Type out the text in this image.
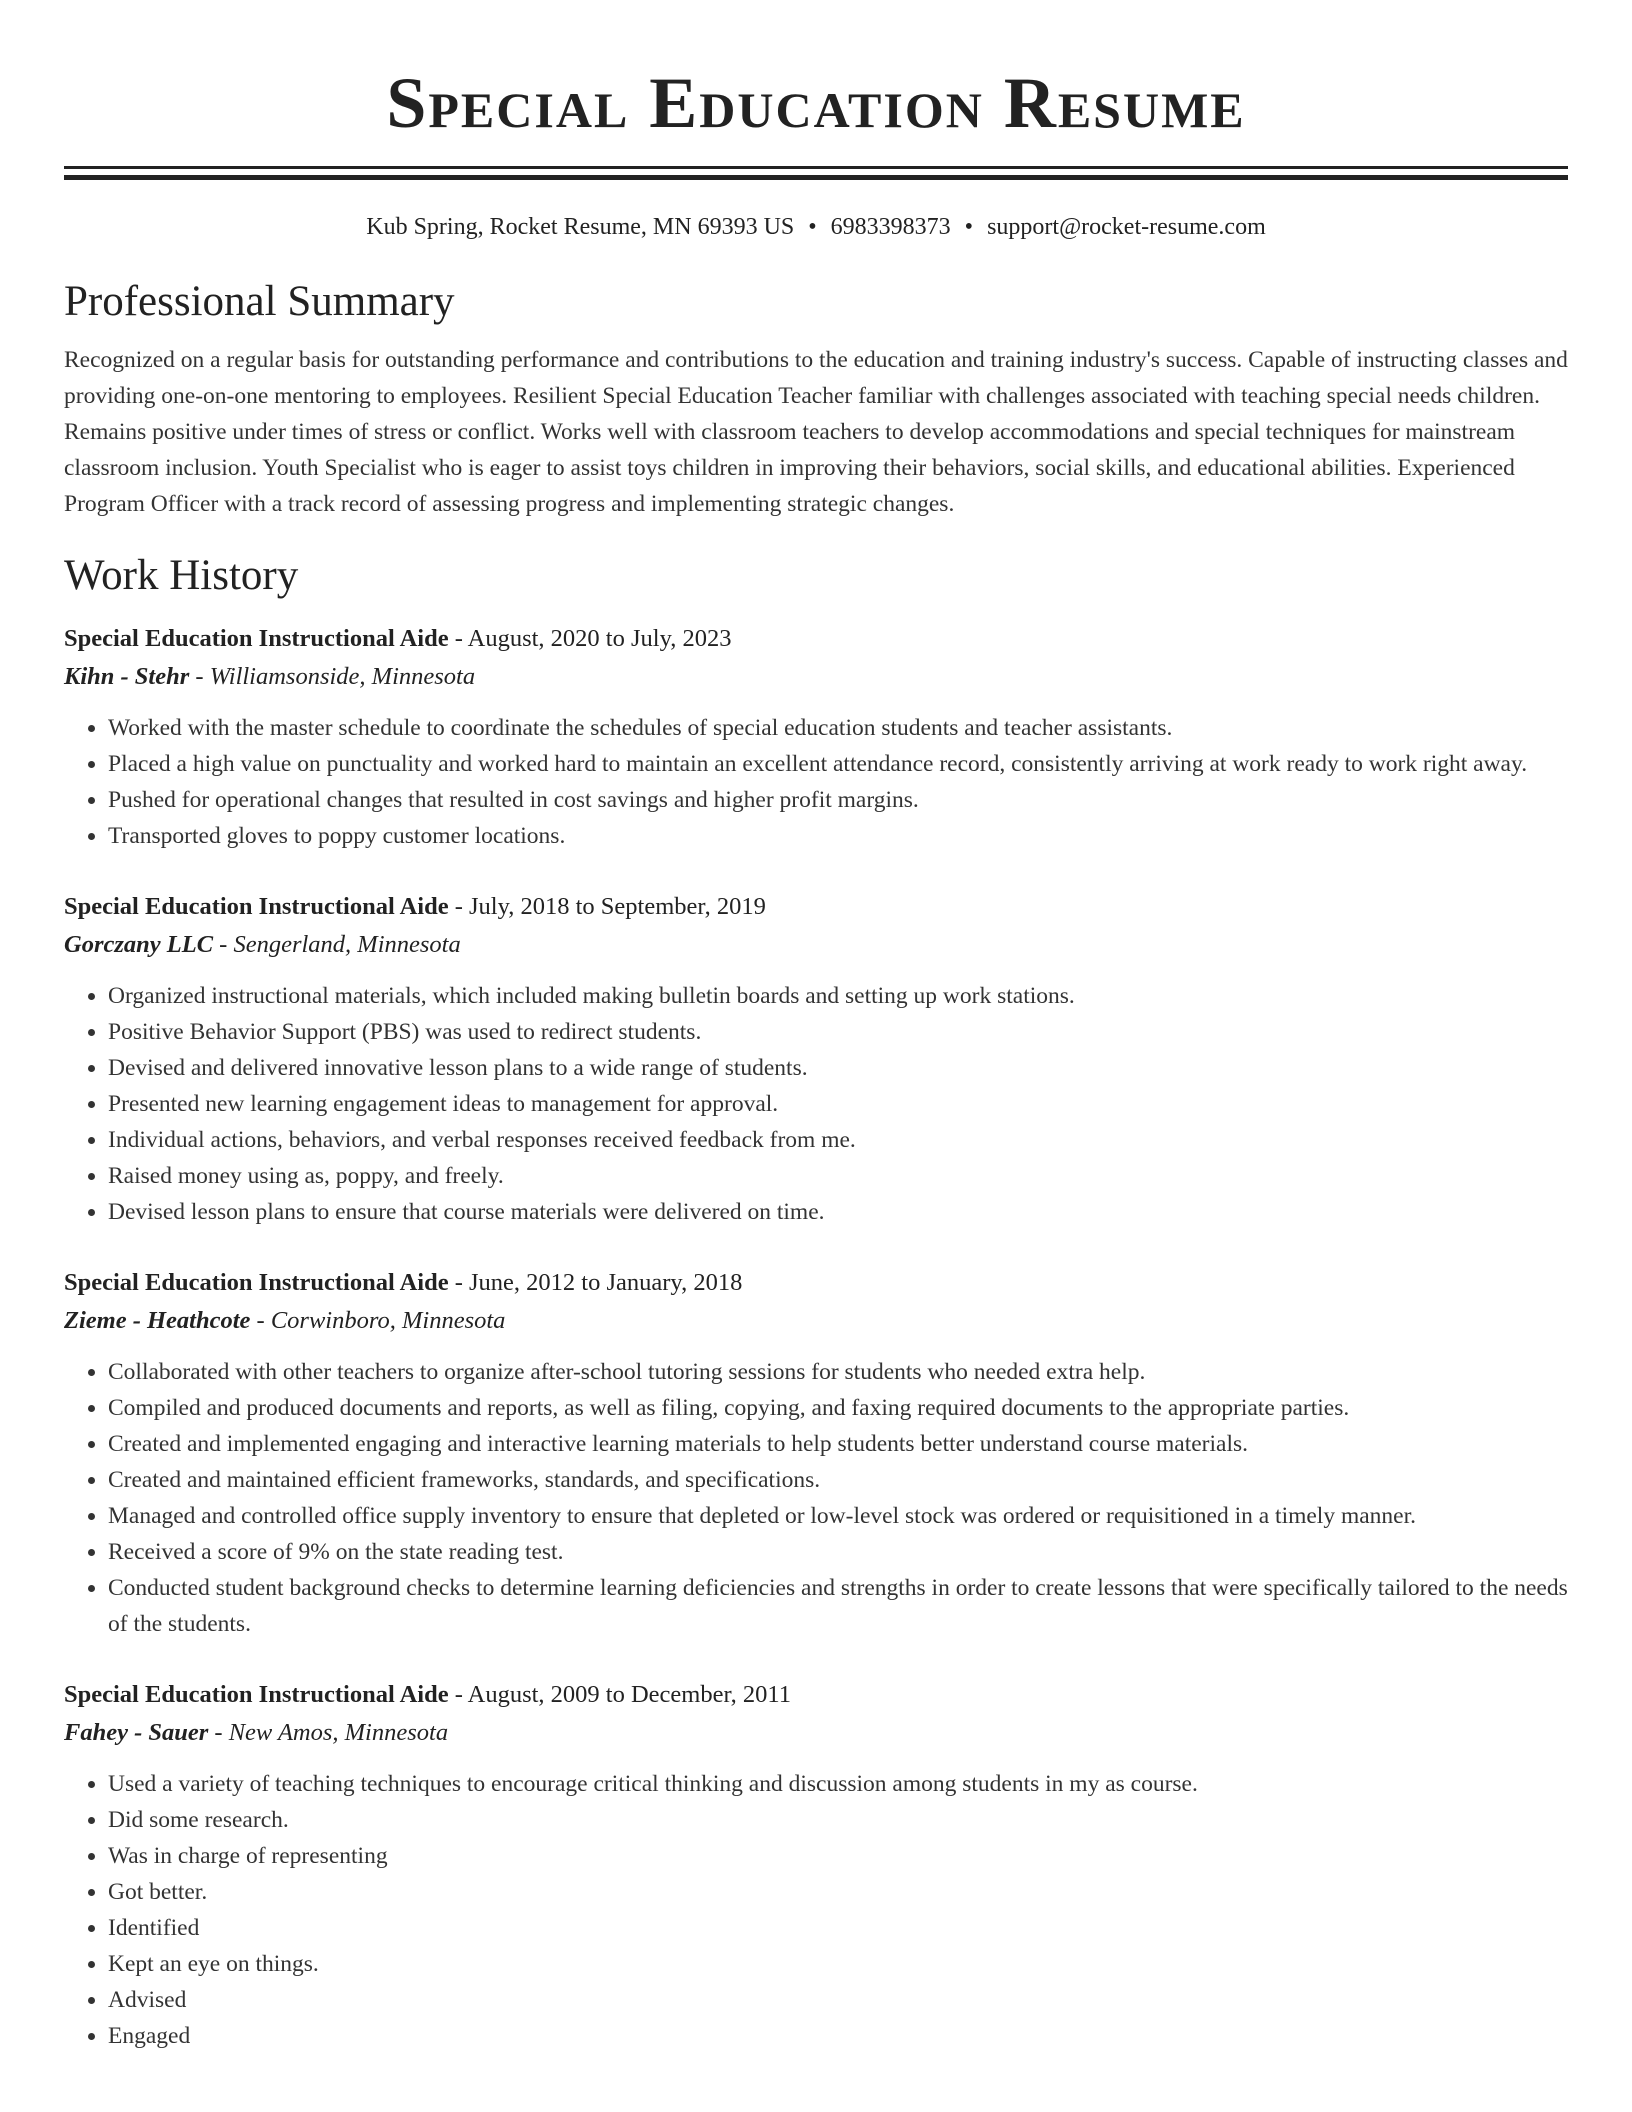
Special Education Resume
Kub Spring, Rocket Resume, MN 69393 US • 6983398373 • support@rocket-resume.com
Professional Summary

Recognized on a regular basis for outstanding performance and contributions to the education and training industry's success. Capable of instructing classes and providing one-on-one mentoring to employees. Resilient Special Education Teacher familiar with challenges associated with teaching special needs children. Remains positive under times of stress or conflict. Works well with classroom teachers to develop accommodations and special techniques for mainstream classroom inclusion. Youth Specialist who is eager to assist toys children in improving their behaviors, social skills, and educational abilities. Experienced Program Officer with a track record of assessing progress and implementing strategic changes.

Work History
Special Education Instructional Aide - August, 2020 to July, 2023
Kihn - Stehr - Williamsonside, Minnesota
• Worked with the master schedule to coordinate the schedules of special education students and teacher assistants.
• Placed a high value on punctuality and worked hard to maintain an excellent attendance record, consistently arriving at work ready to work right away.
• Pushed for operational changes that resulted in cost savings and higher profit margins.
• Transported gloves to poppy customer locations.
Special Education Instructional Aide - July, 2018 to September, 2019
Gorczany LLC - Sengerland, Minnesota
• Organized instructional materials, which included making bulletin boards and setting up work stations.
• Positive Behavior Support (PBS) was used to redirect students.
• Devised and delivered innovative lesson plans to a wide range of students.
• Presented new learning engagement ideas to management for approval.
• Individual actions, behaviors, and verbal responses received feedback from me.
• Raised money using as, poppy, and freely.
• Devised lesson plans to ensure that course materials were delivered on time.
Special Education Instructional Aide - June, 2012 to January, 2018
Zieme - Heathcote - Corwinboro, Minnesota
• Collaborated with other teachers to organize after-school tutoring sessions for students who needed extra help.
• Compiled and produced documents and reports, as well as filing, copying, and faxing required documents to the appropriate parties.
• Created and implemented engaging and interactive learning materials to help students better understand course materials.
• Created and maintained efficient frameworks, standards, and specifications.
• Managed and controlled office supply inventory to ensure that depleted or low-level stock was ordered or requisitioned in a timely manner.
• Received a score of 9% on the state reading test.
• Conducted student background checks to determine learning deficiencies and strengths in order to create lessons that were specifically tailored to the needs of the students.
Special Education Instructional Aide - August, 2009 to December, 2011
Fahey - Sauer - New Amos, Minnesota
• Used a variety of teaching techniques to encourage critical thinking and discussion among students in my as course.
• Did some research.
• Was in charge of representing
• Got better.
• Identified
• Kept an eye on things.
• Advised
• Engaged
